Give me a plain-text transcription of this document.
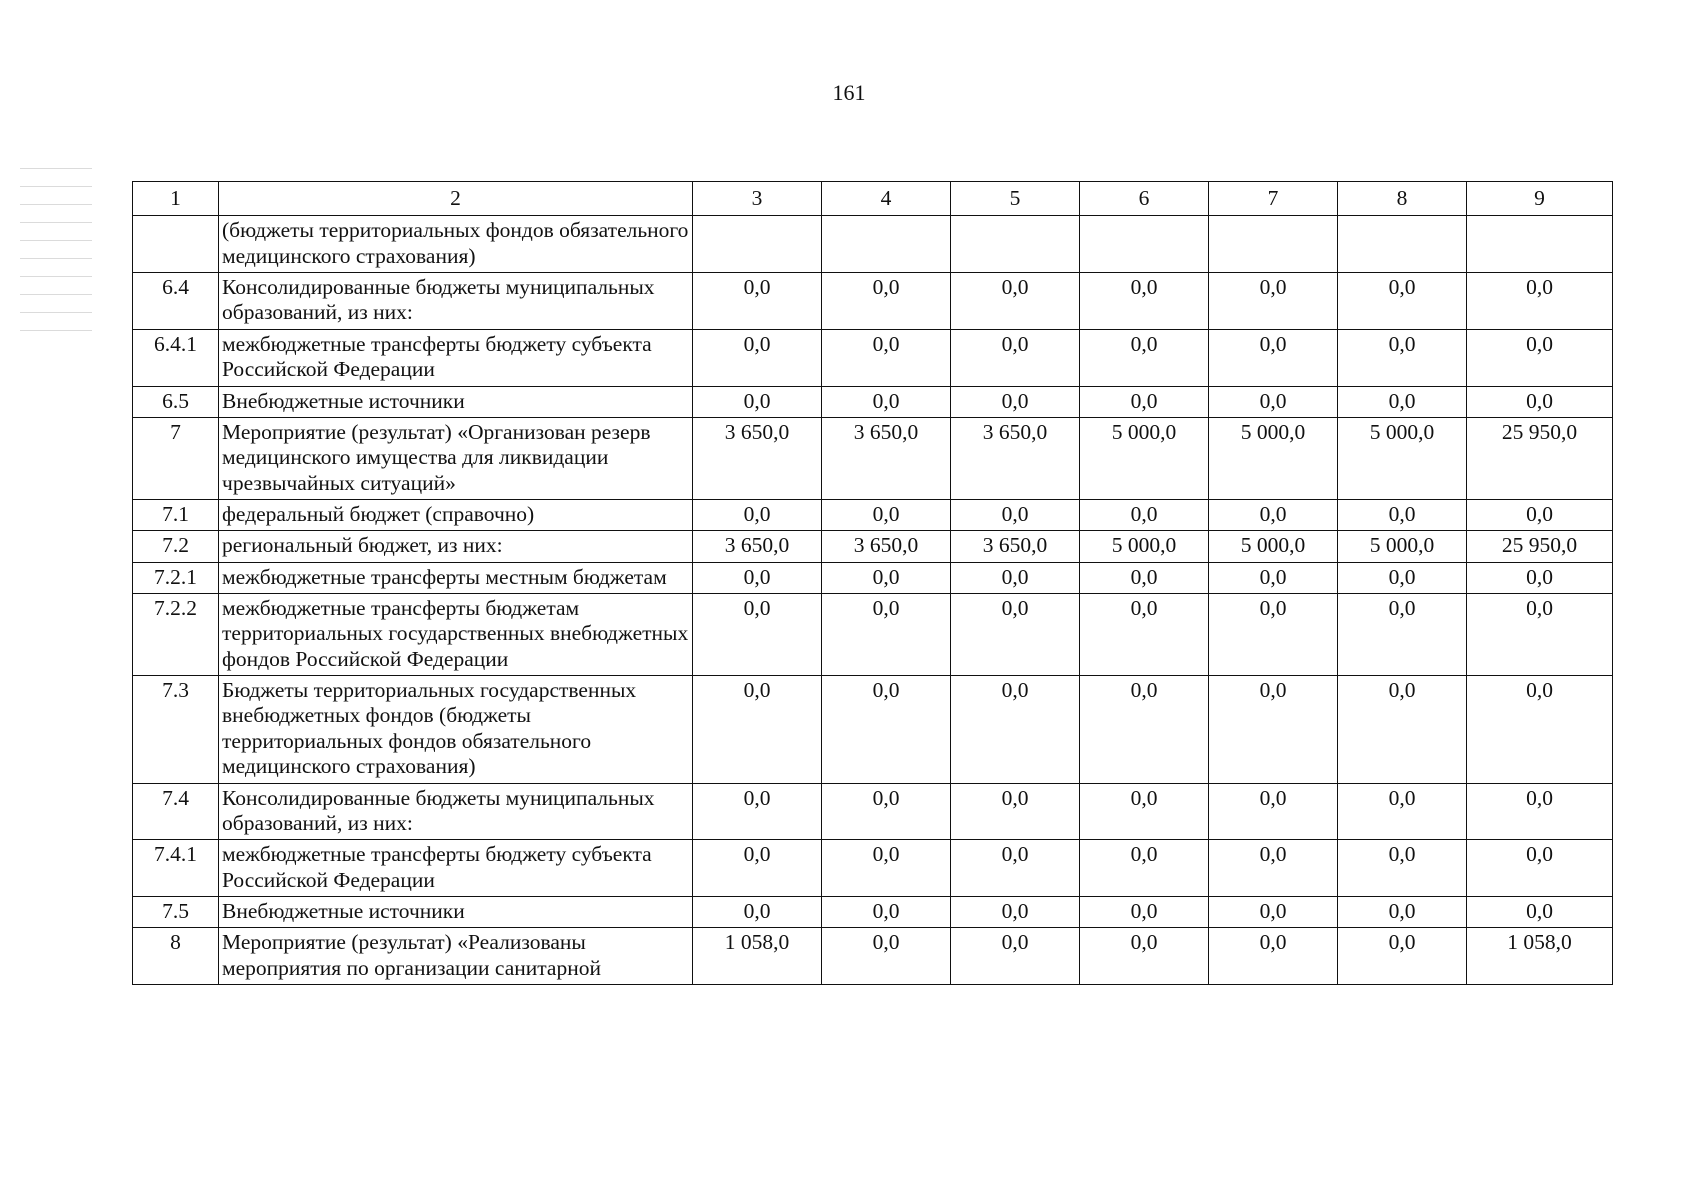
161
1	2	3	4	5	6	7	8	9
	(бюджеты территориальных фондов обязательного медицинского страхования)							
6.4	Консолидированные бюджеты муниципальных образований, из них:	0,0	0,0	0,0	0,0	0,0	0,0	0,0
6.4.1	межбюджетные трансферты бюджету субъекта Российской Федерации	0,0	0,0	0,0	0,0	0,0	0,0	0,0
6.5	Внебюджетные источники	0,0	0,0	0,0	0,0	0,0	0,0	0,0
7	Мероприятие (результат) «Организован резерв медицинского имущества для ликвидации чрезвычайных ситуаций»	3 650,0	3 650,0	3 650,0	5 000,0	5 000,0	5 000,0	25 950,0
7.1	федеральный бюджет (справочно)	0,0	0,0	0,0	0,0	0,0	0,0	0,0
7.2	региональный бюджет, из них:	3 650,0	3 650,0	3 650,0	5 000,0	5 000,0	5 000,0	25 950,0
7.2.1	межбюджетные трансферты местным бюджетам	0,0	0,0	0,0	0,0	0,0	0,0	0,0
7.2.2	межбюджетные трансферты бюджетам территориальных государственных внебюджетных фондов Российской Федерации	0,0	0,0	0,0	0,0	0,0	0,0	0,0
7.3	Бюджеты территориальных государственных внебюджетных фондов (бюджеты территориальных фондов обязательного медицинского страхования)	0,0	0,0	0,0	0,0	0,0	0,0	0,0
7.4	Консолидированные бюджеты муниципальных образований, из них:	0,0	0,0	0,0	0,0	0,0	0,0	0,0
7.4.1	межбюджетные трансферты бюджету субъекта Российской Федерации	0,0	0,0	0,0	0,0	0,0	0,0	0,0
7.5	Внебюджетные источники	0,0	0,0	0,0	0,0	0,0	0,0	0,0
8	Мероприятие (результат) «Реализованы мероприятия по организации санитарной	1 058,0	0,0	0,0	0,0	0,0	0,0	1 058,0
